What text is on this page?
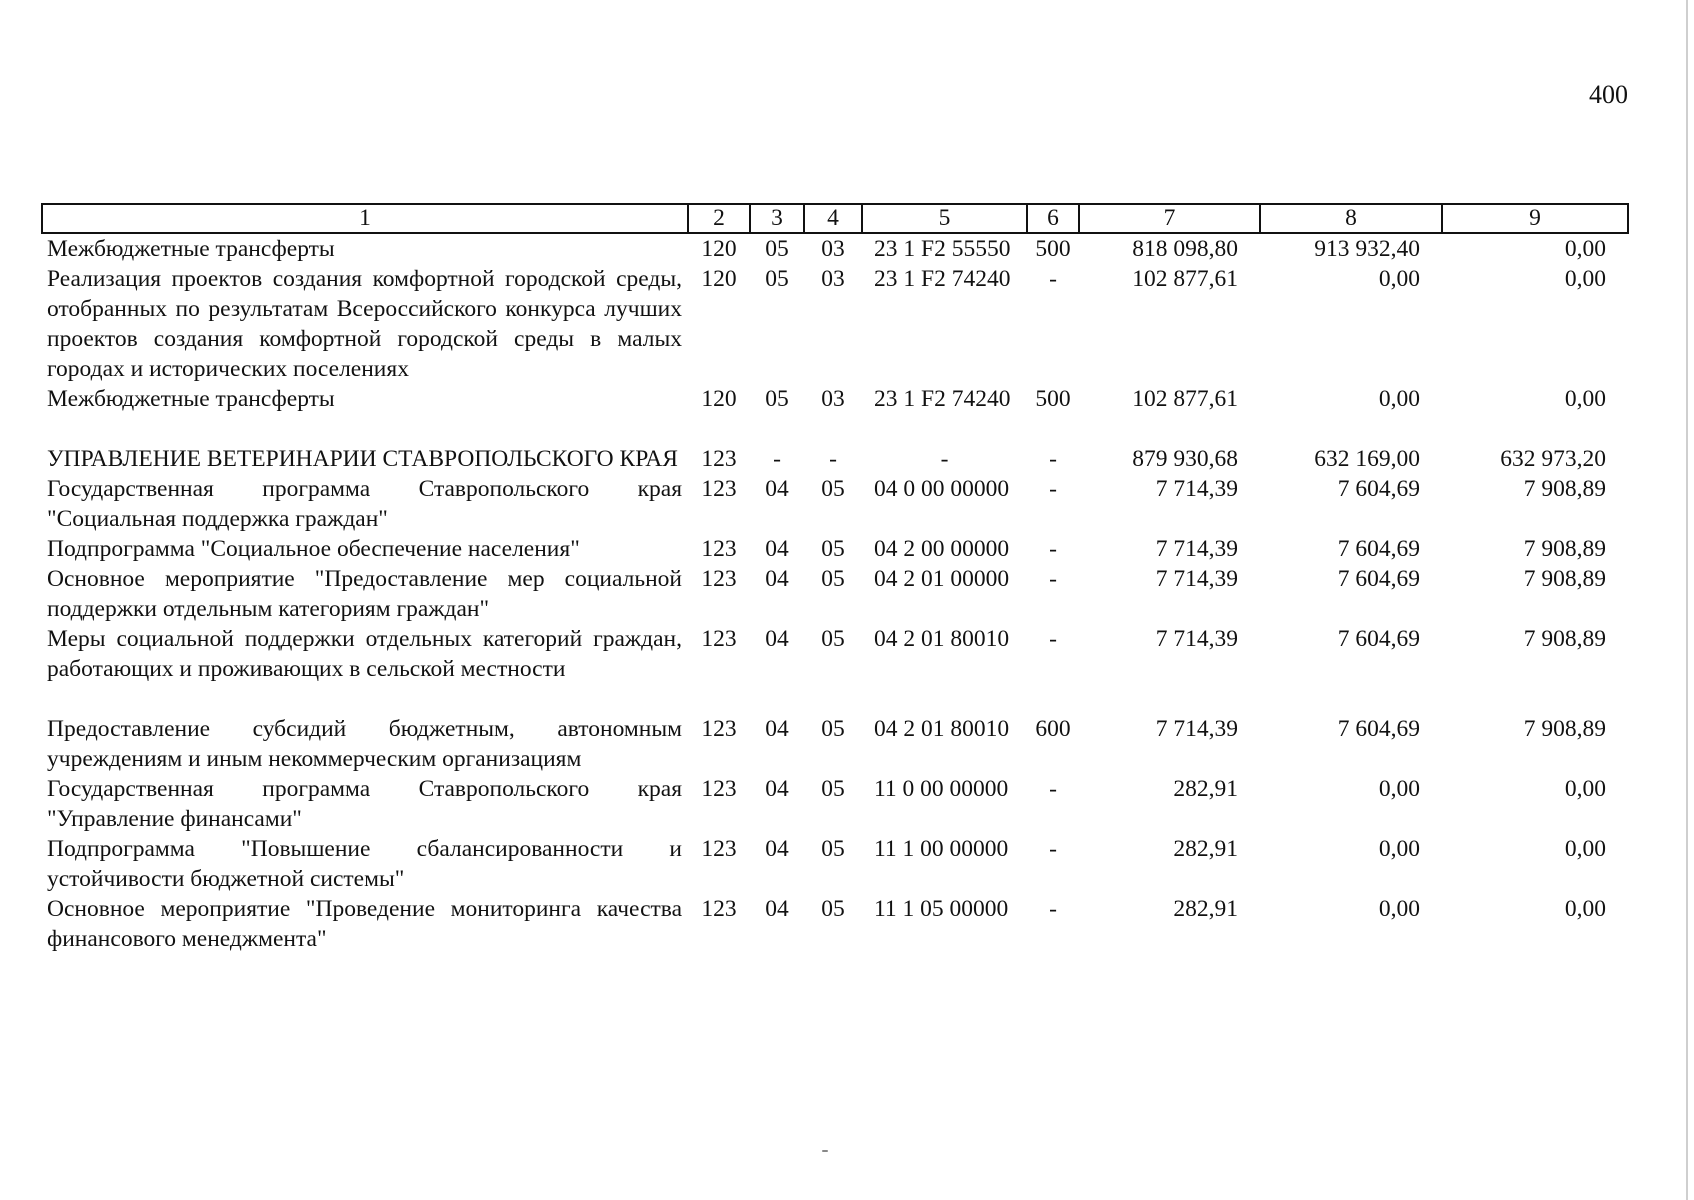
400
1	2	3	4	5	6	7	8	9
Межбюджетные трансферты	120	05	03	23 1 F2 55550	500	818 098,80	913 932,40	0,00
Реализация проектов создания комфортной городской среды, отобранных по результатам Всероссийского конкурса лучших проектов создания комфортной городской среды в малых городах и исторических поселениях	120	05	03	23 1 F2 74240	-	102 877,61	0,00	0,00
Межбюджетные трансферты	120	05	03	23 1 F2 74240	500	102 877,61	0,00	0,00
УПРАВЛЕНИЕ ВЕТЕРИНАРИИ СТАВРОПОЛЬСКОГО КРАЯ	123	-	-	-	-	879 930,68	632 169,00	632 973,20
Государственная программа Ставропольского края "Социальная поддержка граждан"	123	04	05	04 0 00 00000	-	7 714,39	7 604,69	7 908,89
Подпрограмма "Социальное обеспечение населения"	123	04	05	04 2 00 00000	-	7 714,39	7 604,69	7 908,89
Основное мероприятие "Предоставление мер социальной поддержки отдельным категориям граждан"	123	04	05	04 2 01 00000	-	7 714,39	7 604,69	7 908,89
Меры социальной поддержки отдельных категорий граждан, работающих и проживающих в сельской местности	123	04	05	04 2 01 80010	-	7 714,39	7 604,69	7 908,89
Предоставление субсидий бюджетным, автономным учреждениям и иным некоммерческим организациям	123	04	05	04 2 01 80010	600	7 714,39	7 604,69	7 908,89
Государственная программа Ставропольского края "Управление финансами"	123	04	05	11 0 00 00000	-	282,91	0,00	0,00
Подпрограмма "Повышение сбалансированности и устойчивости бюджетной системы"	123	04	05	11 1 00 00000	-	282,91	0,00	0,00
Основное мероприятие "Проведение мониторинга качества финансового менеджмента"	123	04	05	11 1 05 00000	-	282,91	0,00	0,00
